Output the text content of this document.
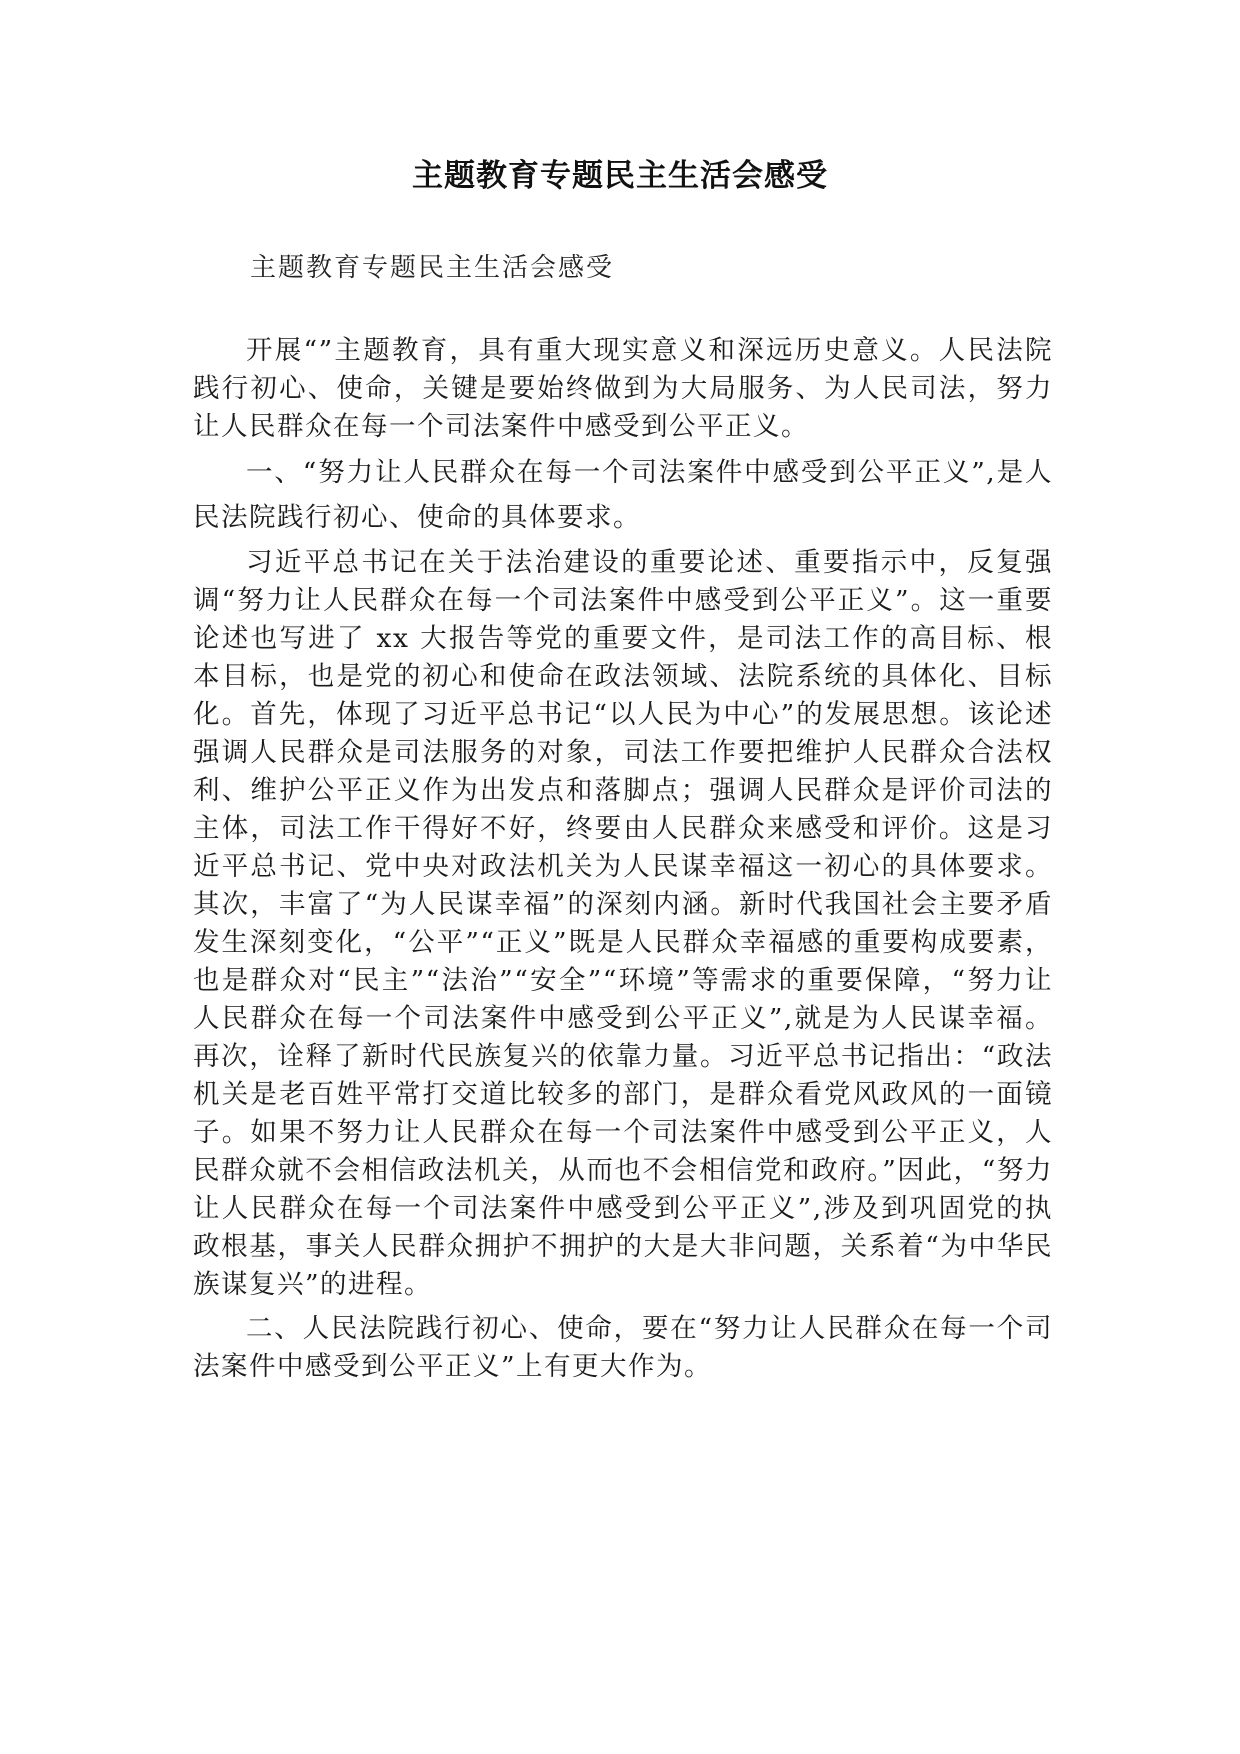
主题教育专题民主生活会感受
主题教育专题民主生活会感受

开展“”主题教育，具有重大现实意义和深远历史意义。人民法院践行初心、使命，关键是要始终做到为大局服务、为人民司法，努力让人民群众在每一个司法案件中感受到公平正义。

一、“努力让人民群众在每一个司法案件中感受到公平正义”,是人民法院践行初心、使命的具体要求。

习近平总书记在关于法治建设的重要论述、重要指示中，反复强调“努力让人民群众在每一个司法案件中感受到公平正义”。这一重要论述也写进了 xx 大报告等党的重要文件，是司法工作的高目标、根本目标，也是党的初心和使命在政法领域、法院系统的具体化、目标化。首先，体现了习近平总书记“以人民为中心”的发展思想。该论述强调人民群众是司法服务的对象，司法工作要把维护人民群众合法权利、维护公平正义作为出发点和落脚点；强调人民群众是评价司法的主体，司法工作干得好不好，终要由人民群众来感受和评价。这是习近平总书记、党中央对政法机关为人民谋幸福这一初心的具体要求。其次，丰富了“为人民谋幸福”的深刻内涵。新时代我国社会主要矛盾发生深刻变化，“公平”“正义”既是人民群众幸福感的重要构成要素，也是群众对“民主”“法治”“安全”“环境”等需求的重要保障，“努力让人民群众在每一个司法案件中感受到公平正义”,就是为人民谋幸福。再次，诠释了新时代民族复兴的依靠力量。习近平总书记指出：“政法机关是老百姓平常打交道比较多的部门，是群众看党风政风的一面镜子。如果不努力让人民群众在每一个司法案件中感受到公平正义，人民群众就不会相信政法机关，从而也不会相信党和政府。”因此，“努力让人民群众在每一个司法案件中感受到公平正义”,涉及到巩固党的执政根基，事关人民群众拥护不拥护的大是大非问题，关系着“为中华民族谋复兴”的进程。

二、人民法院践行初心、使命，要在“努力让人民群众在每一个司法案件中感受到公平正义”上有更大作为。
